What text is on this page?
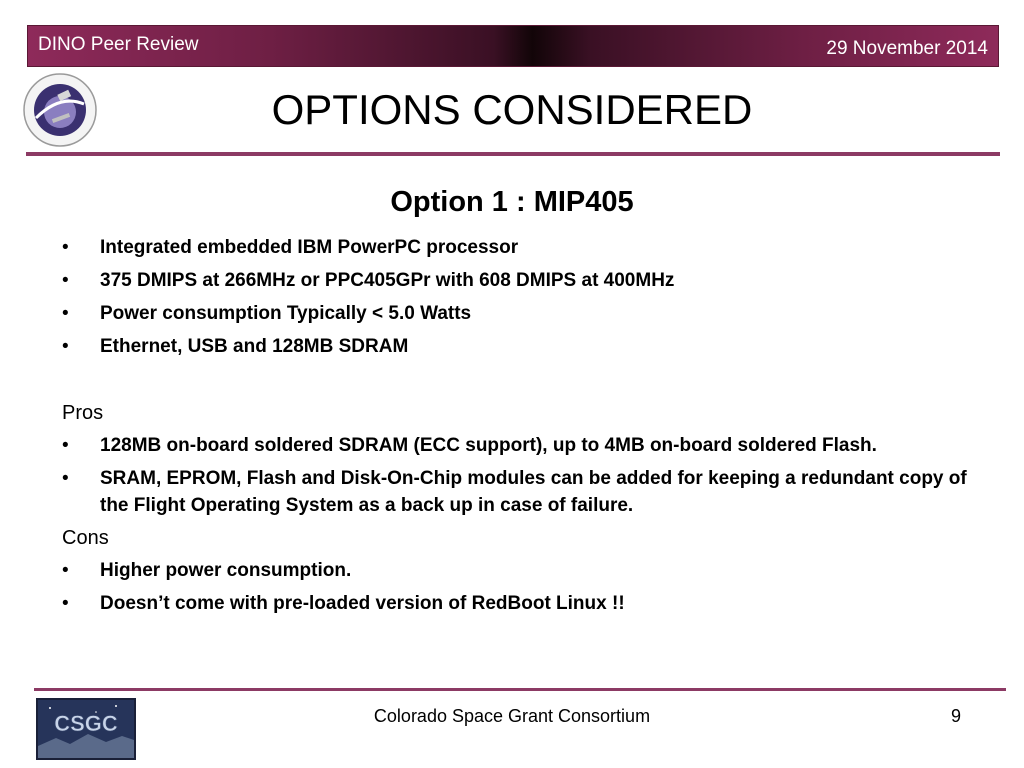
DINO Peer Review	29 November 2014
OPTIONS CONSIDERED
Option 1 : MIP405
• Integrated embedded IBM PowerPC processor
• 375 DMIPS at 266MHz or PPC405GPr with 608 DMIPS at 400MHz
• Power consumption Typically < 5.0 Watts
• Ethernet, USB and 128MB SDRAM
Pros
• 128MB on-board soldered SDRAM (ECC support), up to 4MB on-board soldered Flash.
• SRAM, EPROM, Flash and Disk-On-Chip modules can be added for keeping a redundant copy of the Flight Operating System as a back up in case of failure.
Cons
• Higher power consumption.
• Doesn’t come with pre-loaded version of RedBoot Linux !!
CSGC	Colorado Space Grant Consortium	9
